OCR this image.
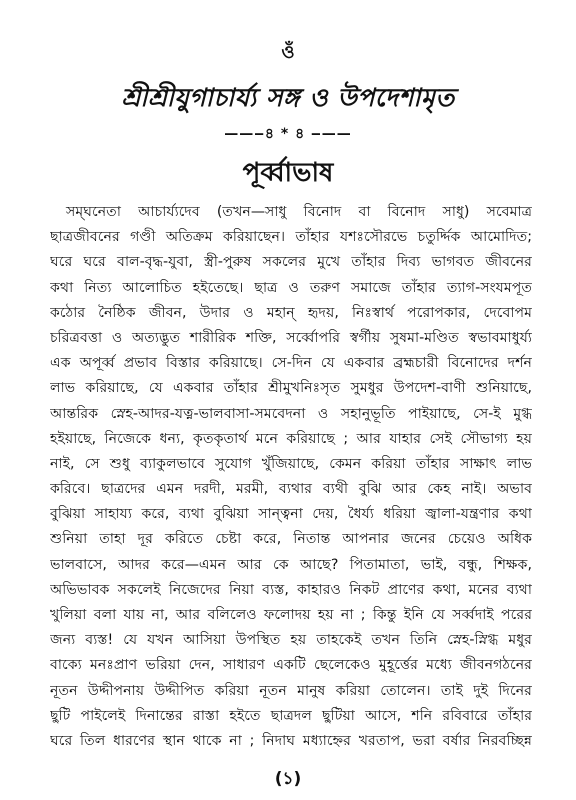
ওঁ
শ্রীশ্রীযুগাচার্য্য সঙ্গ ও উপদেশামৃত
——‒৪ * ৪ ‒——
পূর্ব্বাভাষ
সম্ঘনেতা আচার্য্যদেব (তখন—সাধু বিনোদ বা বিনোদ সাধু) সবেমাত্র
ছাত্রজীবনের গণ্ডী অতিক্রম করিয়াছেন। তাঁহার যশঃসৌরভে চতুর্দ্দিক আমোদিত;
ঘরে ঘরে বাল-বৃদ্ধ-যুবা, স্ত্রী-পুরুষ সকলের মুখে তাঁহার দিব্য ভাগবত জীবনের
কথা নিত্য আলোচিত হইতেছে। ছাত্র ও তরুণ সমাজে তাঁহার ত্যাগ-সংযমপূত
কঠোর নৈষ্ঠিক জীবন, উদার ও মহান্ হৃদয়, নিঃস্বার্থ পরোপকার, দেবোপম
চরিত্রবত্তা ও অত্যদ্ভুত শারীরিক শক্তি, সর্ব্বোপরি স্বর্গীয় সুষমা-মণ্ডিত স্বভাবমাধুর্য্য
এক অপূর্ব্ব প্রভাব বিস্তার করিয়াছে। সে-দিন যে একবার ব্রহ্মচারী বিনোদের দর্শন
লাভ করিয়াছে, যে একবার তাঁহার শ্রীমুখনিঃসৃত সুমধুর উপদেশ-বাণী শুনিয়াছে,
আন্তরিক স্নেহ-আদর-যত্ন-ভালবাসা-সমবেদনা ও সহানুভূতি পাইয়াছে, সে-ই মুগ্ধ
হইয়াছে, নিজেকে ধন্য, কৃতকৃতার্থ মনে করিয়াছে ; আর যাহার সেই সৌভাগ্য হয়
নাই, সে শুধু ব্যাকুলভাবে সুযোগ খুঁজিয়াছে, কেমন করিয়া তাঁহার সাক্ষাৎ লাভ
করিবে। ছাত্রদের এমন দরদী, মরমী, ব্যথার ব্যথী বুঝি আর কেহ নাই। অভাব
বুঝিয়া সাহায্য করে, ব্যথা বুঝিয়া সান্ত্বনা দেয়, ধৈর্য্য ধরিয়া জ্বালা-যন্ত্রণার কথা
শুনিয়া তাহা দূর করিতে চেষ্টা করে, নিতান্ত আপনার জনের চেয়েও অধিক
ভালবাসে, আদর করে—এমন আর কে আছে? পিতামাতা, ভাই, বন্ধু, শিক্ষক,
অভিভাবক সকলেই নিজেদের নিয়া ব্যস্ত, কাহারও নিকট প্রাণের কথা, মনের ব্যথা
খুলিয়া বলা যায় না, আর বলিলেও ফলোদয় হয় না ; কিন্তু ইনি যে সর্ব্বদাই পরের
জন্য ব্যস্ত! যে যখন আসিয়া উপস্থিত হয় তাহকেই তখন তিনি স্নেহ-স্নিগ্ধ মধুর
বাক্যে মনঃপ্রাণ ভরিয়া দেন, সাধারণ একটি ছেলেকেও মুহূর্ত্তের মধ্যে জীবনগঠনের
নূতন উদ্দীপনায় উদ্দীপিত করিয়া নূতন মানুষ করিয়া তোলেন। তাই দুই দিনের
ছুটি পাইলেই দিনান্তের রাস্তা হইতে ছাত্রদল ছুটিয়া আসে, শনি রবিবারে তাঁহার
ঘরে তিল ধারণের স্থান থাকে না ; নিদাঘ মধ্যাহ্নের খরতাপ, ভরা বর্ষার নিরবচ্ছিন্ন
(১)
